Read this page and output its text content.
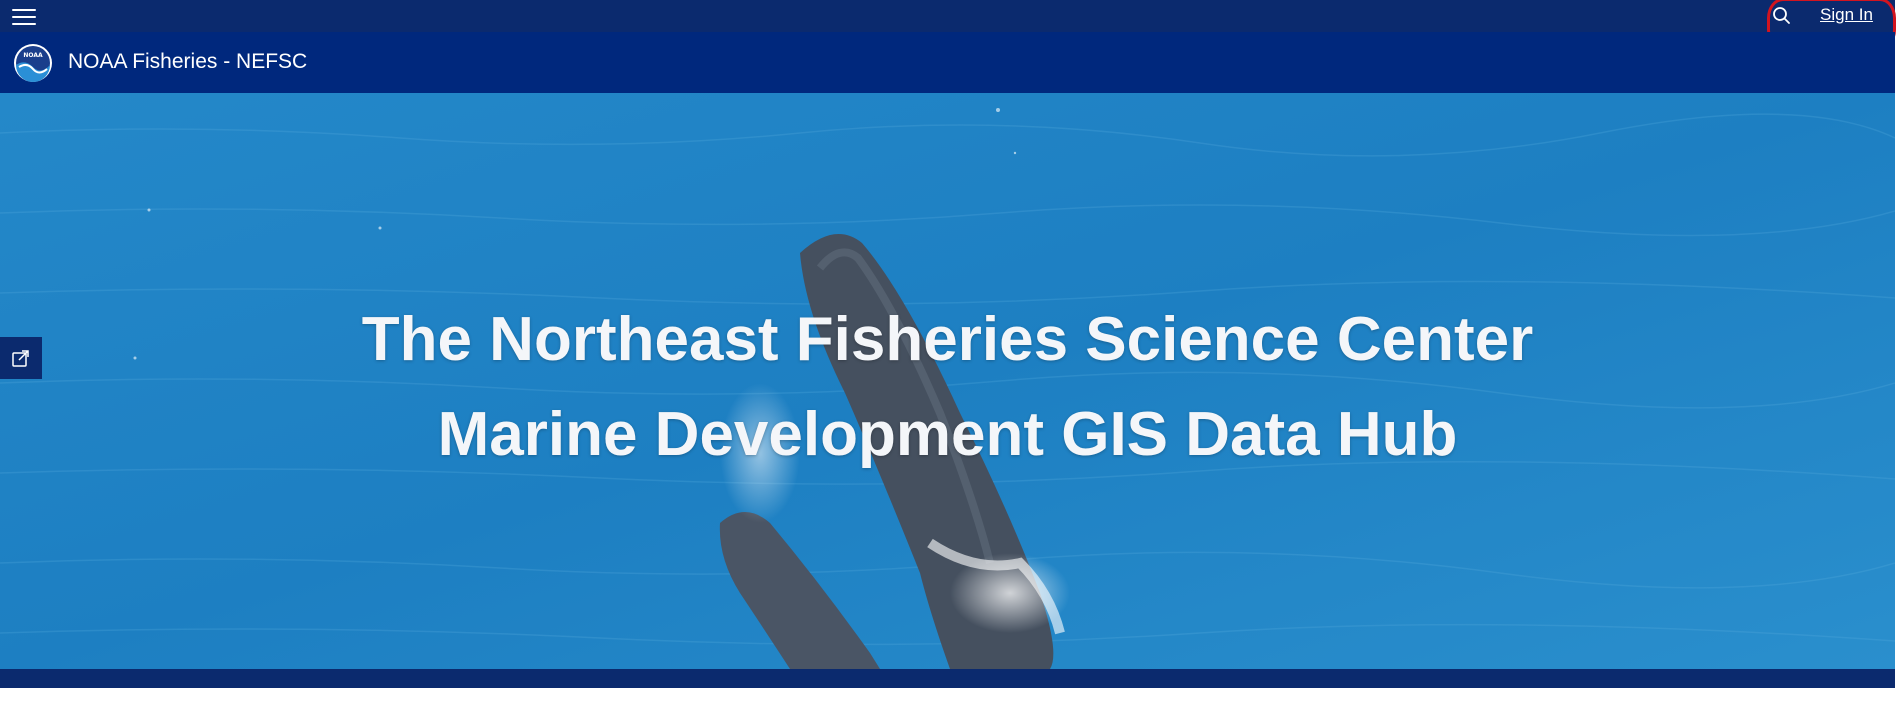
Sign In
NOAA NOAA Fisheries - NEFSC
The Northeast Fisheries Science Center
Marine Development GIS Data Hub
